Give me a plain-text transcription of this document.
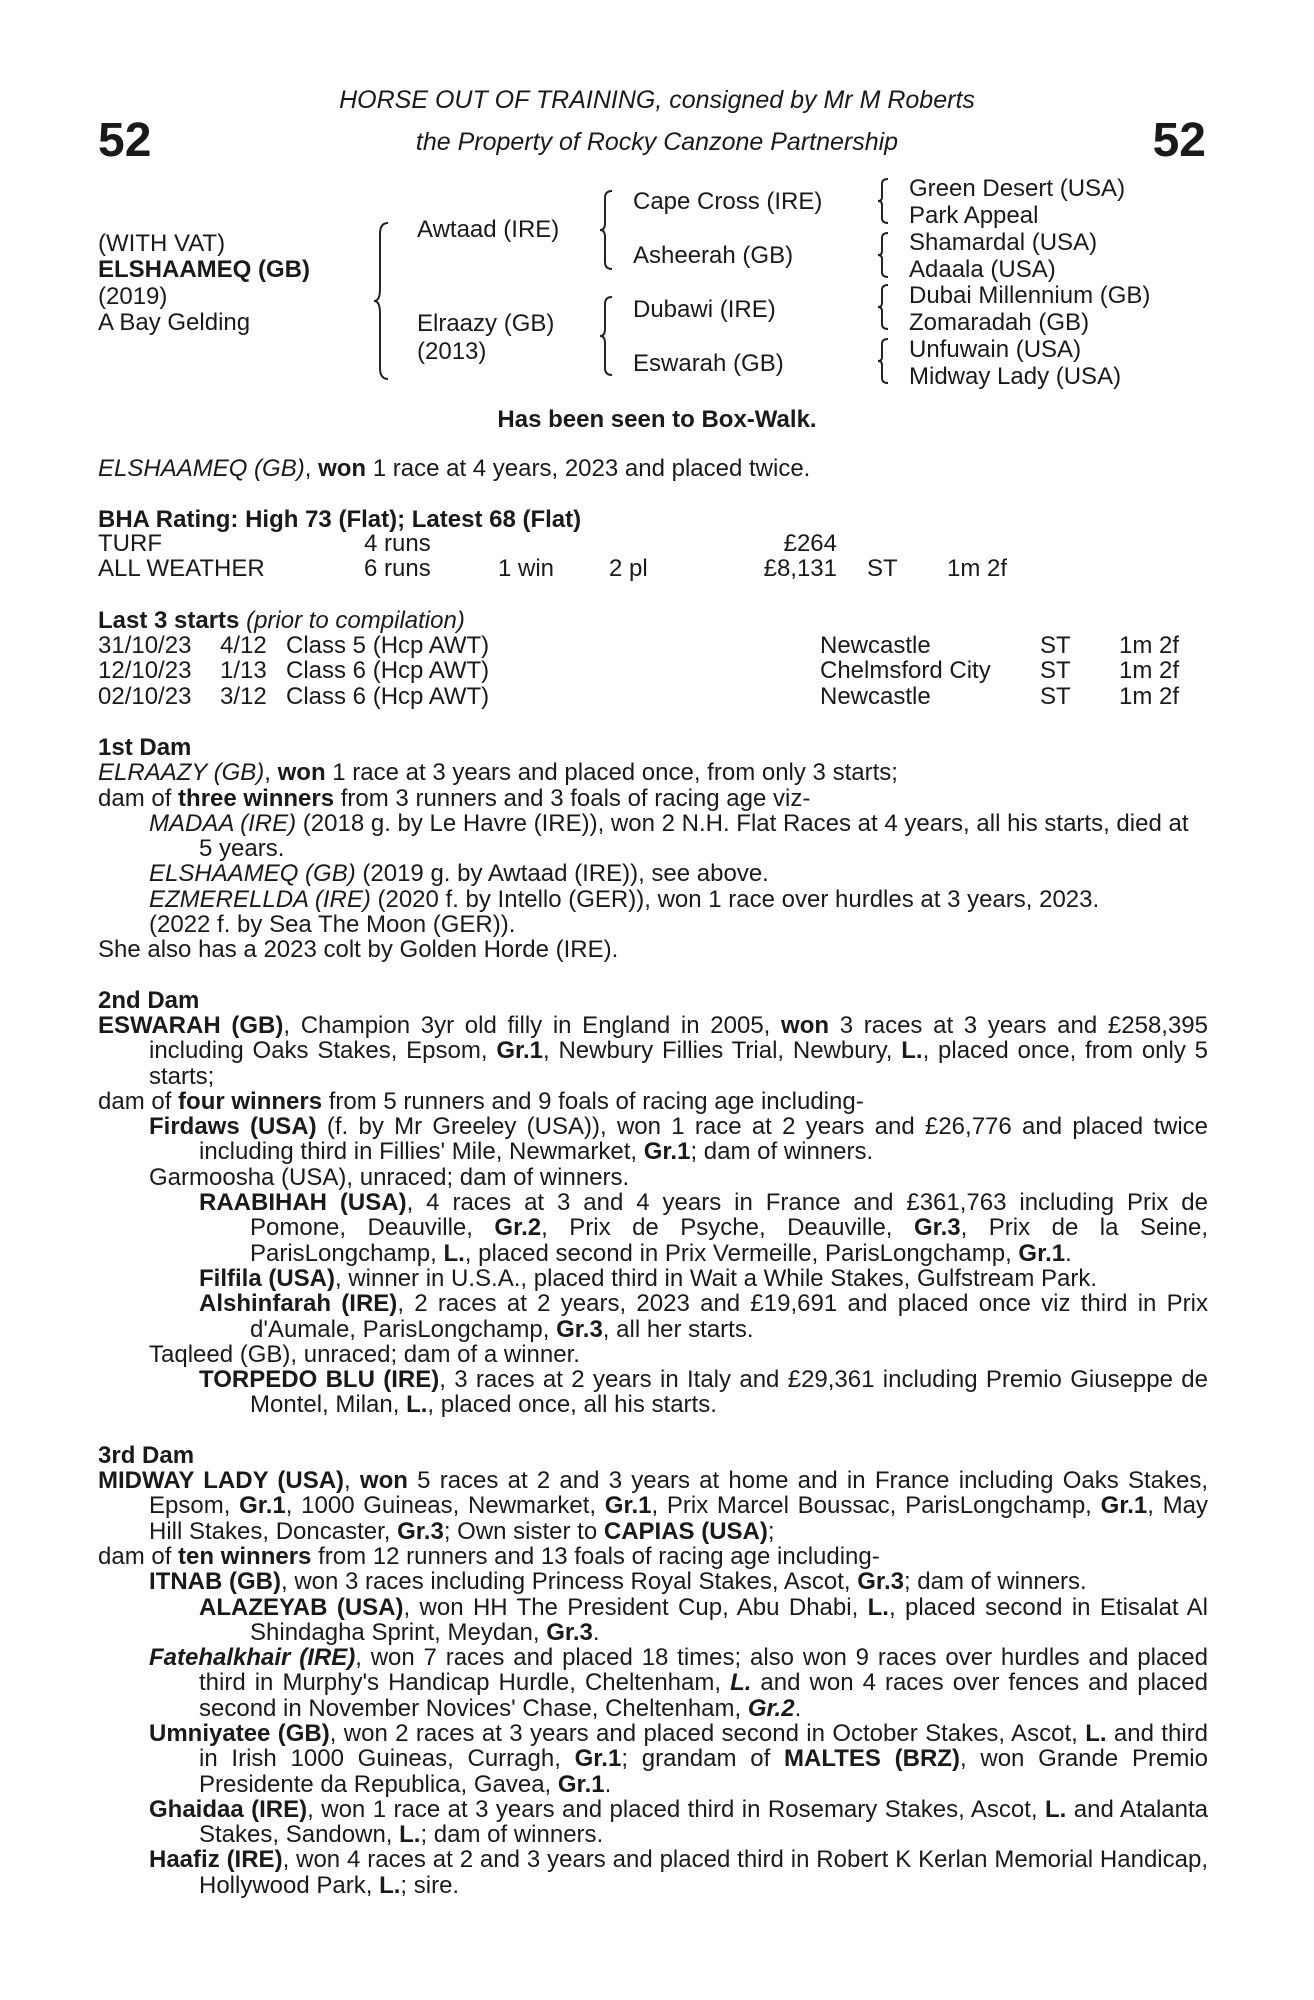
52	52
HORSE OUT OF TRAINING, consigned by Mr M Roberts
the Property of Rocky Canzone Partnership
(WITH VAT)
ELSHAAMEQ (GB)
(2019)
A Bay Gelding
Awtaad (IRE)
Elraazy (GB)
(2013)
Cape Cross (IRE)
Asheerah (GB)
Dubawi (IRE)
Eswarah (GB)
Green Desert (USA)
Park Appeal
Shamardal (USA)
Adaala (USA)
Dubai Millennium (GB)
Zomaradah (GB)
Unfuwain (USA)
Midway Lady (USA)
Has been seen to Box-Walk.
ELSHAAMEQ (GB), won 1 race at 4 years, 2023 and placed twice.
BHA Rating: High 73 (Flat); Latest 68 (Flat)
TURF	4 runs			£264		
ALL WEATHER	6 runs	1 win	2 pl	£8,131	ST	1m 2f
Last 3 starts (prior to compilation)
31/10/23	4/12	Class 5 (Hcp AWT)	Newcastle	ST	1m 2f
12/10/23	1/13	Class 6 (Hcp AWT)	Chelmsford City	ST	1m 2f
02/10/23	3/12	Class 6 (Hcp AWT)	Newcastle	ST	1m 2f

1st Dam

ELRAAZY (GB), won 1 race at 3 years and placed once, from only 3 starts;

dam of three winners from 3 runners and 3 foals of racing age viz-

MADAA (IRE) (2018 g. by Le Havre (IRE)), won 2 N.H. Flat Races at 4 years, all his starts, died at 5 years.

ELSHAAMEQ (GB) (2019 g. by Awtaad (IRE)), see above.

EZMERELLDA (IRE) (2020 f. by Intello (GER)), won 1 race over hurdles at 3 years, 2023.

(2022 f. by Sea The Moon (GER)).

She also has a 2023 colt by Golden Horde (IRE).

2nd Dam

ESWARAH (GB), Champion 3yr old filly in England in 2005, won 3 races at 3 years and £258,395 including Oaks Stakes, Epsom, Gr.1, Newbury Fillies Trial, Newbury, L., placed once, from only 5 starts;

dam of four winners from 5 runners and 9 foals of racing age including-

Firdaws (USA) (f. by Mr Greeley (USA)), won 1 race at 2 years and £26,776 and placed twice including third in Fillies' Mile, Newmarket, Gr.1; dam of winners.

Garmoosha (USA), unraced; dam of winners.

RAABIHAH (USA), 4 races at 3 and 4 years in France and £361,763 including Prix de Pomone, Deauville, Gr.2, Prix de Psyche, Deauville, Gr.3, Prix de la Seine, ParisLongchamp, L., placed second in Prix Vermeille, ParisLongchamp, Gr.1.

Filfila (USA), winner in U.S.A., placed third in Wait a While Stakes, Gulfstream Park.

Alshinfarah (IRE), 2 races at 2 years, 2023 and £19,691 and placed once viz third in Prix d'Aumale, ParisLongchamp, Gr.3, all her starts.

Taqleed (GB), unraced; dam of a winner.

TORPEDO BLU (IRE), 3 races at 2 years in Italy and £29,361 including Premio Giuseppe de Montel, Milan, L., placed once, all his starts.

3rd Dam

MIDWAY LADY (USA), won 5 races at 2 and 3 years at home and in France including Oaks Stakes, Epsom, Gr.1, 1000 Guineas, Newmarket, Gr.1, Prix Marcel Boussac, ParisLongchamp, Gr.1, May Hill Stakes, Doncaster, Gr.3; Own sister to CAPIAS (USA);

dam of ten winners from 12 runners and 13 foals of racing age including-

ITNAB (GB), won 3 races including Princess Royal Stakes, Ascot, Gr.3; dam of winners.

ALAZEYAB (USA), won HH The President Cup, Abu Dhabi, L., placed second in Etisalat Al Shindagha Sprint, Meydan, Gr.3.

Fatehalkhair (IRE), won 7 races and placed 18 times; also won 9 races over hurdles and placed third in Murphy's Handicap Hurdle, Cheltenham, L. and won 4 races over fences and placed second in November Novices' Chase, Cheltenham, Gr.2.

Umniyatee (GB), won 2 races at 3 years and placed second in October Stakes, Ascot, L. and third in Irish 1000 Guineas, Curragh, Gr.1; grandam of MALTES (BRZ), won Grande Premio Presidente da Republica, Gavea, Gr.1.

Ghaidaa (IRE), won 1 race at 3 years and placed third in Rosemary Stakes, Ascot, L. and Atalanta Stakes, Sandown, L.; dam of winners.

Haafiz (IRE), won 4 races at 2 and 3 years and placed third in Robert K Kerlan Memorial Handicap, Hollywood Park, L.; sire.
